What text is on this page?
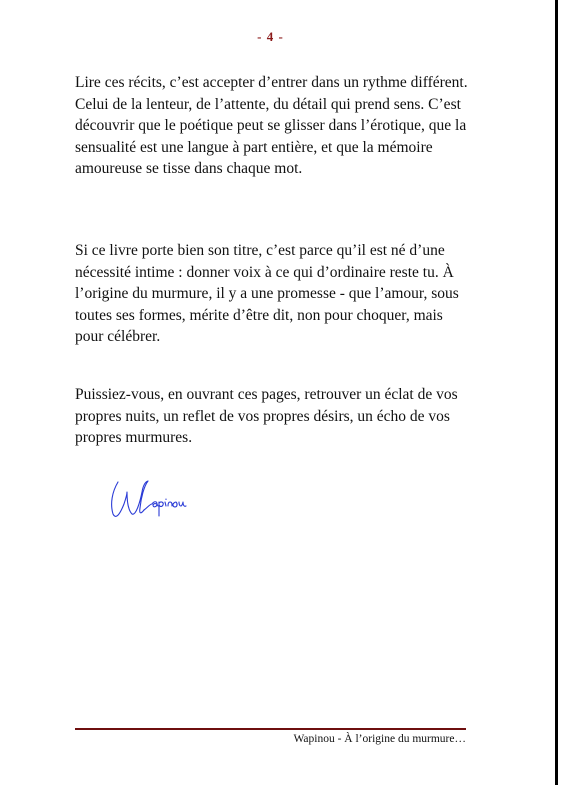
- 4 -

Lire ces récits, c’est accepter d’entrer dans un rythme différent. Celui de la lenteur, de l’attente, du détail qui prend sens. C’est découvrir que le poétique peut se glisser dans l’érotique, que la sensualité est une langue à part entière, et que la mémoire amoureuse se tisse dans chaque mot.

Si ce livre porte bien son titre, c’est parce qu’il est né d’une nécessité intime : donner voix à ce qui d’ordinaire reste tu. À l’origine du murmure, il y a une promesse - que l’amour, sous toutes ses formes, mérite d’être dit, non pour choquer, mais pour célébrer.

Puissiez-vous, en ouvrant ces pages, retrouver un éclat de vos propres nuits, un reflet de vos propres désirs, un écho de vos propres murmures.

Wapinou - À l’origine du murmure…
